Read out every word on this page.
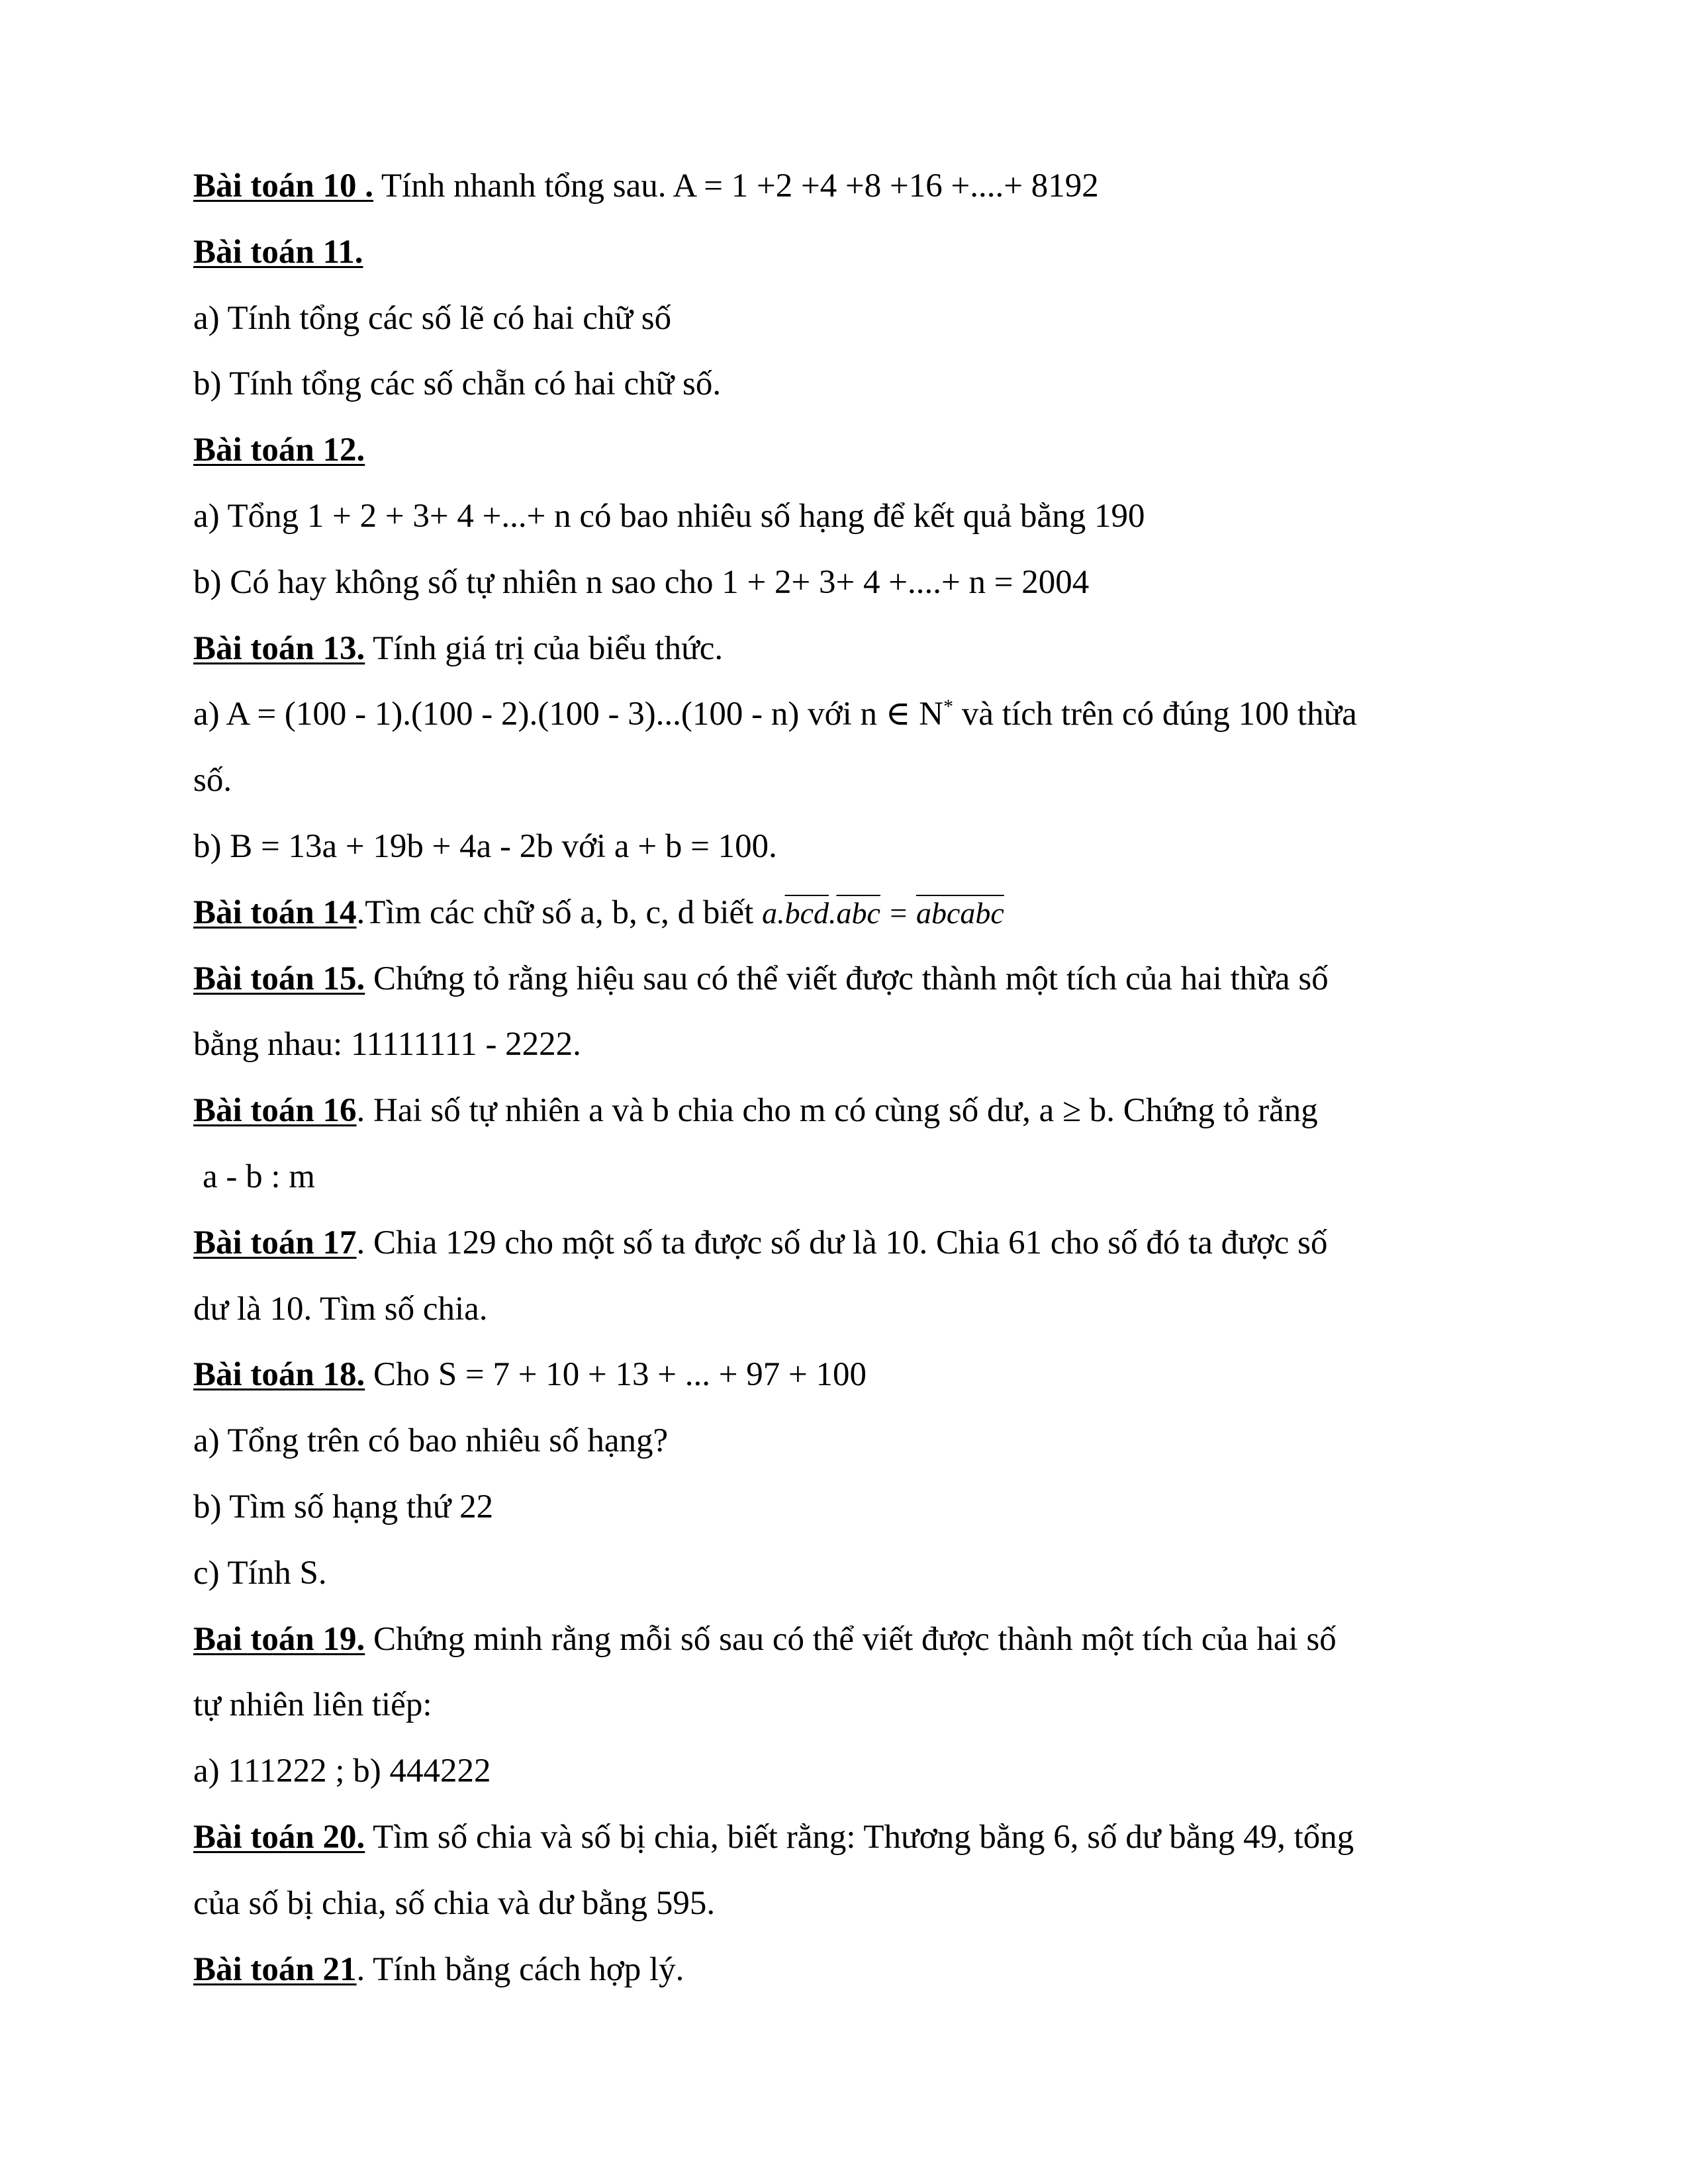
Bài toán 10 . Tính nhanh tổng sau. A = 1 +2 +4 +8 +16 +....+ 8192
Bài toán 11.
a) Tính tổng các số lẽ có hai chữ số
b) Tính tổng các số chẵn có hai chữ số.
Bài toán 12.
a) Tổng 1 + 2 + 3+ 4 +...+ n có bao nhiêu số hạng để kết quả bằng 190
b) Có hay không số tự nhiên n sao cho 1 + 2+ 3+ 4 +....+ n = 2004
Bài toán 13. Tính giá trị của biểu thức.
a) A = (100 - 1).(100 - 2).(100 - 3)...(100 - n) với n ∈ N* và tích trên có đúng 100 thừa
số.
b) B = 13a + 19b + 4a - 2b với a + b = 100.
Bài toán 14.Tìm các chữ số a, b, c, d biết $a.\overline{bcd}.\overline{abc}$ = abcabc
Bài toán 15. Chứng tỏ rằng hiệu sau có thể viết được thành một tích của hai thừa số
bằng nhau: 11111111 - 2222.
Bài toán 16. Hai số tự nhiên a và b chia cho m có cùng số dư, a ≥ b. Chứng tỏ rằng
a - b : m
Bài toán 17. Chia 129 cho một số ta được số dư là 10. Chia 61 cho số đó ta được số
dư là 10. Tìm số chia.
Bài toán 18. Cho S = 7 + 10 + 13 + ... + 97 + 100
a) Tổng trên có bao nhiêu số hạng?
b) Tìm số hạng thứ 22
c) Tính S.
Bai toán 19. Chứng minh rằng mỗi số sau có thể viết được thành một tích của hai số
tự nhiên liên tiếp:
a) 111222 ; b) 444222
Bài toán 20. Tìm số chia và số bị chia, biết rằng: Thương bằng 6, số dư bằng 49, tổng
của số bị chia, số chia và dư bằng 595.
Bài toán 21. Tính bằng cách hợp lý.
